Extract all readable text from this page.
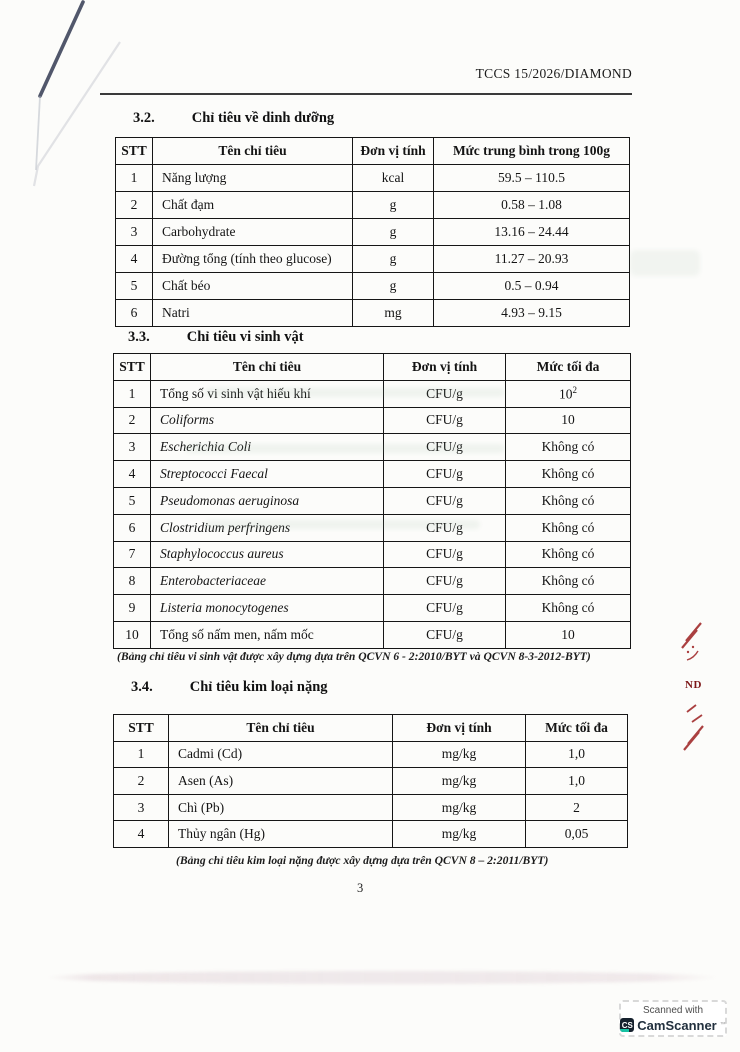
TCCS 15/2026/DIAMOND
3.2.	Chỉ tiêu về dinh dưỡng
STT	Tên chỉ tiêu	Đơn vị tính	Mức trung bình trong 100g
1	Năng lượng	kcal	59.5 – 110.5
2	Chất đạm	g	0.58 – 1.08
3	Carbohydrate	g	13.16 – 24.44
4	Đường tổng (tính theo glucose)	g	11.27 – 20.93
5	Chất béo	g	0.5 – 0.94
6	Natri	mg	4.93 – 9.15
3.3.	Chỉ tiêu vi sinh vật
STT	Tên chỉ tiêu	Đơn vị tính	Mức tối đa
1	Tổng số vi sinh vật hiếu khí	CFU/g	$10^2$
2	Coliforms	CFU/g	10
3	Escherichia Coli	CFU/g	Không có
4	Streptococci Faecal	CFU/g	Không có
5	Pseudomonas aeruginosa	CFU/g	Không có
6	Clostridium perfringens	CFU/g	Không có
7	Staphylococcus aureus	CFU/g	Không có
8	Enterobacteriaceae	CFU/g	Không có
9	Listeria monocytogenes	CFU/g	Không có
10	Tổng số nấm men, nấm mốc	CFU/g	10
(Bảng chỉ tiêu vi sinh vật được xây dựng dựa trên QCVN 6 - 2:2010/BYT và QCVN 8-3-2012-BYT)
3.4.	Chỉ tiêu kim loại nặng
STT	Tên chỉ tiêu	Đơn vị tính	Mức tối đa
1	Cadmi (Cd)	mg/kg	1,0
2	Asen (As)	mg/kg	1,0
3	Chì (Pb)	mg/kg	2
4	Thủy ngân (Hg)	mg/kg	0,05
(Bảng chỉ tiêu kim loại nặng được xây dựng dựa trên QCVN 8 – 2:2011/BYT)
3
ND
Scanned with
CS CamScanner ™
